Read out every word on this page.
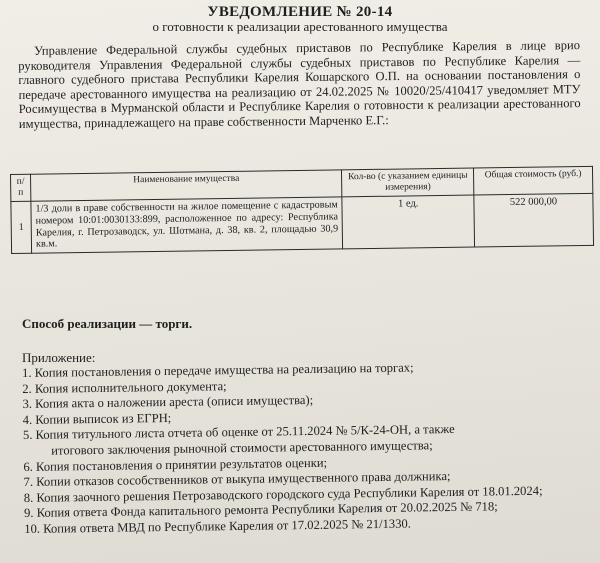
УВЕДОМЛЕНИЕ № 20-14
о готовности к реализации арестованного имущества
Управление Федеральной службы судебных приставов по Республике Карелия в лице врио руководителя Управления Федеральной службы судебных приставов по Республике Карелия — главного судебного пристава Республики Карелия Кошарского О.П. на основании постановления о передаче арестованного имущества на реализацию от 24.02.2025 № 10020/25/410417 уведомляет МТУ Росимущества в Мурманской области и Республике Карелия о готовности к реализации арестованного имущества, принадлежащего на праве собственности Марченко Е.Г.:
п/п	Наименование имущества	Кол-во (с указанием единицы измерения)	Общая стоимость (руб.)
1	1/3 доли в праве собственности на жилое помещение с кадастровым номером 10:01:0030133:899, расположенное по адресу: Республика Карелия, г. Петрозаводск, ул. Шотмана, д. 38, кв. 2, площадью 30,9 кв.м.	1 ед.	522 000,00
Способ реализации — торги.
Приложение:
1. Копия постановления о передаче имущества на реализацию на торгах;
2. Копия исполнительного документа;
3. Копия акта о наложении ареста (описи имущества);
4. Копии выписок из ЕГРН;
5. Копия титульного листа отчета об оценке от 25.11.2024 № 5/К-24-ОН, а также
итогового заключения рыночной стоимости арестованного имущества;
6. Копия постановления о принятии результатов оценки;
7. Копии отказов сособственников от выкупа имущественного права должника;
8. Копия заочного решения Петрозаводского городского суда Республики Карелия от 18.01.2024;
9. Копия ответа Фонда капитального ремонта Республики Карелия от 20.02.2025 № 718;
10. Копия ответа МВД по Республике Карелия от 17.02.2025 № 21/1330.
